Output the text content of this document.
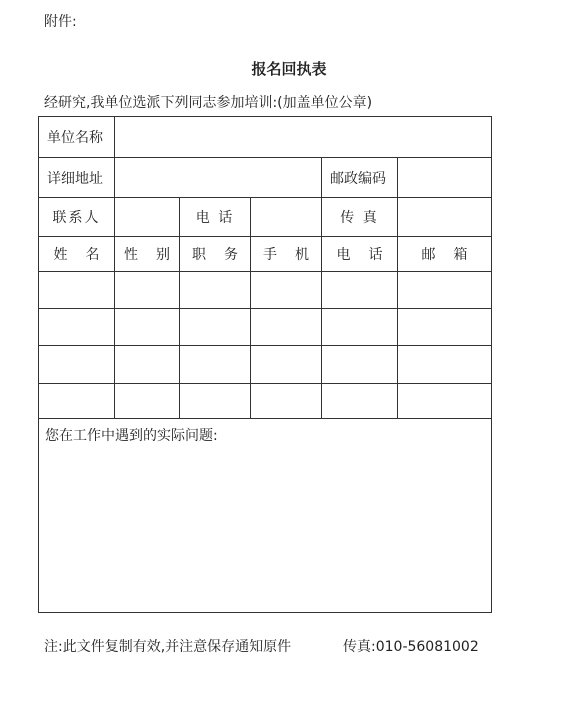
附件:
报名回执表
经研究,我单位选派下列同志参加培训:(加盖单位公章)
单位名称					
详细地址				邮政编码	
联系人		电 话		传 真	
姓 名	性 别	职 务	手 机	电 话	邮 箱

您在工作中遇到的实际问题:					
注:此文件复制有效,并注意保存通知原件	传真:010-56081002
